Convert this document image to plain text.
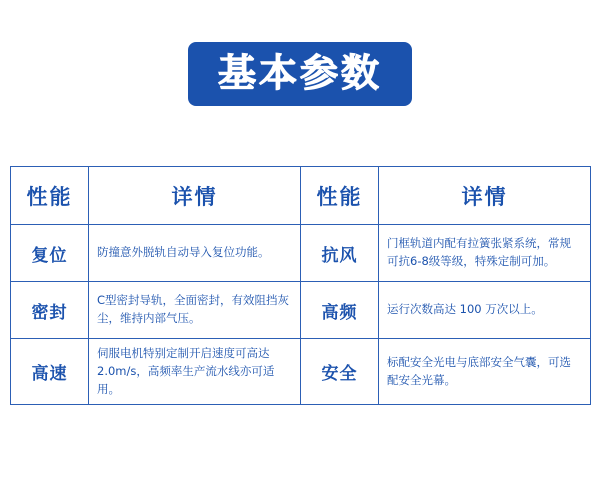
基本参数
性能	详情	性能	详情
复位	防撞意外脱轨自动导入复位功能。	抗风	门框轨道内配有拉簧张紧系统，常规可抗6-8级等级，特殊定制可加。

密封	C型密封导轨，全面密封，有效阻挡灰尘，维持内部气压。	高频	运行次数高达 100 万次以上。

高速	伺服电机特别定制开启速度可高达2.0m/s，高频率生产流水线亦可适用。	安全	标配安全光电与底部安全气囊，可选配安全光幕。
